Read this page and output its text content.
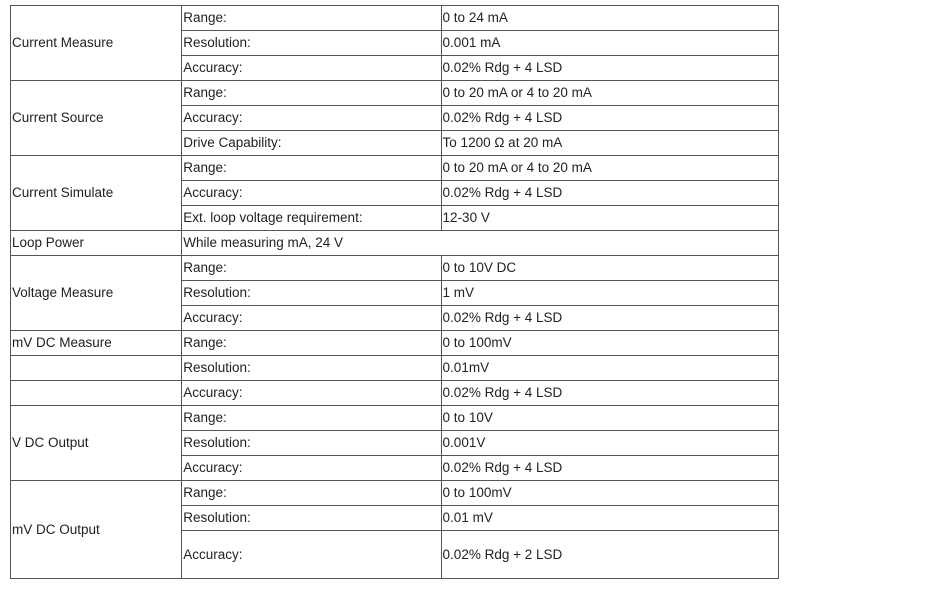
Current Measure	Range:	0 to 24 mA
	Resolution:	0.001 mA
	Accuracy:	0.02% Rdg + 4 LSD
Current Source	Range:	0 to 20 mA or 4 to 20 mA
	Accuracy:	0.02% Rdg + 4 LSD
	Drive Capability:	To 1200 Ω at 20 mA
Current Simulate	Range:	0 to 20 mA or 4 to 20 mA
	Accuracy:	0.02% Rdg + 4 LSD
	Ext. loop voltage requirement:	12-30 V
Loop Power	While measuring mA, 24 V	
Voltage Measure	Range:	0 to 10V DC
	Resolution:	1 mV
	Accuracy:	0.02% Rdg + 4 LSD
mV DC Measure	Range:	0 to 100mV
	Resolution:	0.01mV
	Accuracy:	0.02% Rdg + 4 LSD
V DC Output	Range:	0 to 10V
	Resolution:	0.001V
	Accuracy:	0.02% Rdg + 4 LSD
mV DC Output	Range:	0 to 100mV
	Resolution:	0.01 mV
	Accuracy:	0.02% Rdg + 2 LSD
